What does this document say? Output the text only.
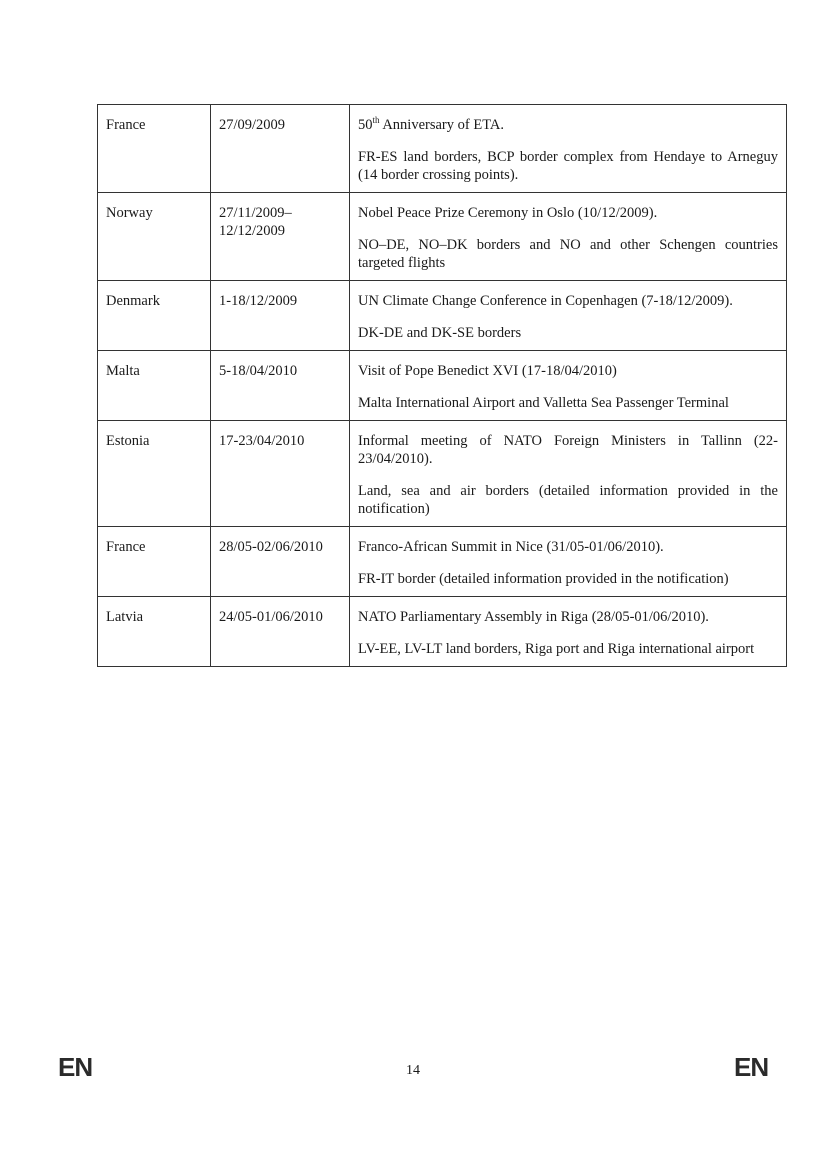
France	27/09/2009	50th Anniversary of ETA.

FR-ES land borders, BCP border complex from Hendaye to Arneguy (14 border crossing points).

Norway	27/11/2009–12/12/2009	Nobel Peace Prize Ceremony in Oslo (10/12/2009).

NO–DE, NO–DK borders and NO and other Schengen countries targeted flights

Denmark	1-18/12/2009	UN Climate Change Conference in Copenhagen (7-18/12/2009).

DK-DE and DK-SE borders

Malta	5-18/04/2010	Visit of Pope Benedict XVI (17-18/04/2010)

Malta International Airport and Valletta Sea Passenger Terminal

Estonia	17-23/04/2010	Informal meeting of NATO Foreign Ministers in Tallinn (22-23/04/2010).

Land, sea and air borders (detailed information provided in the notification)

France	28/05-02/06/2010	Franco-African Summit in Nice (31/05-01/06/2010).

FR-IT border (detailed information provided in the notification)

Latvia	24/05-01/06/2010	NATO Parliamentary Assembly in Riga (28/05-01/06/2010).

LV-EE, LV-LT land borders, Riga port and Riga international airport

EN	14	EN
